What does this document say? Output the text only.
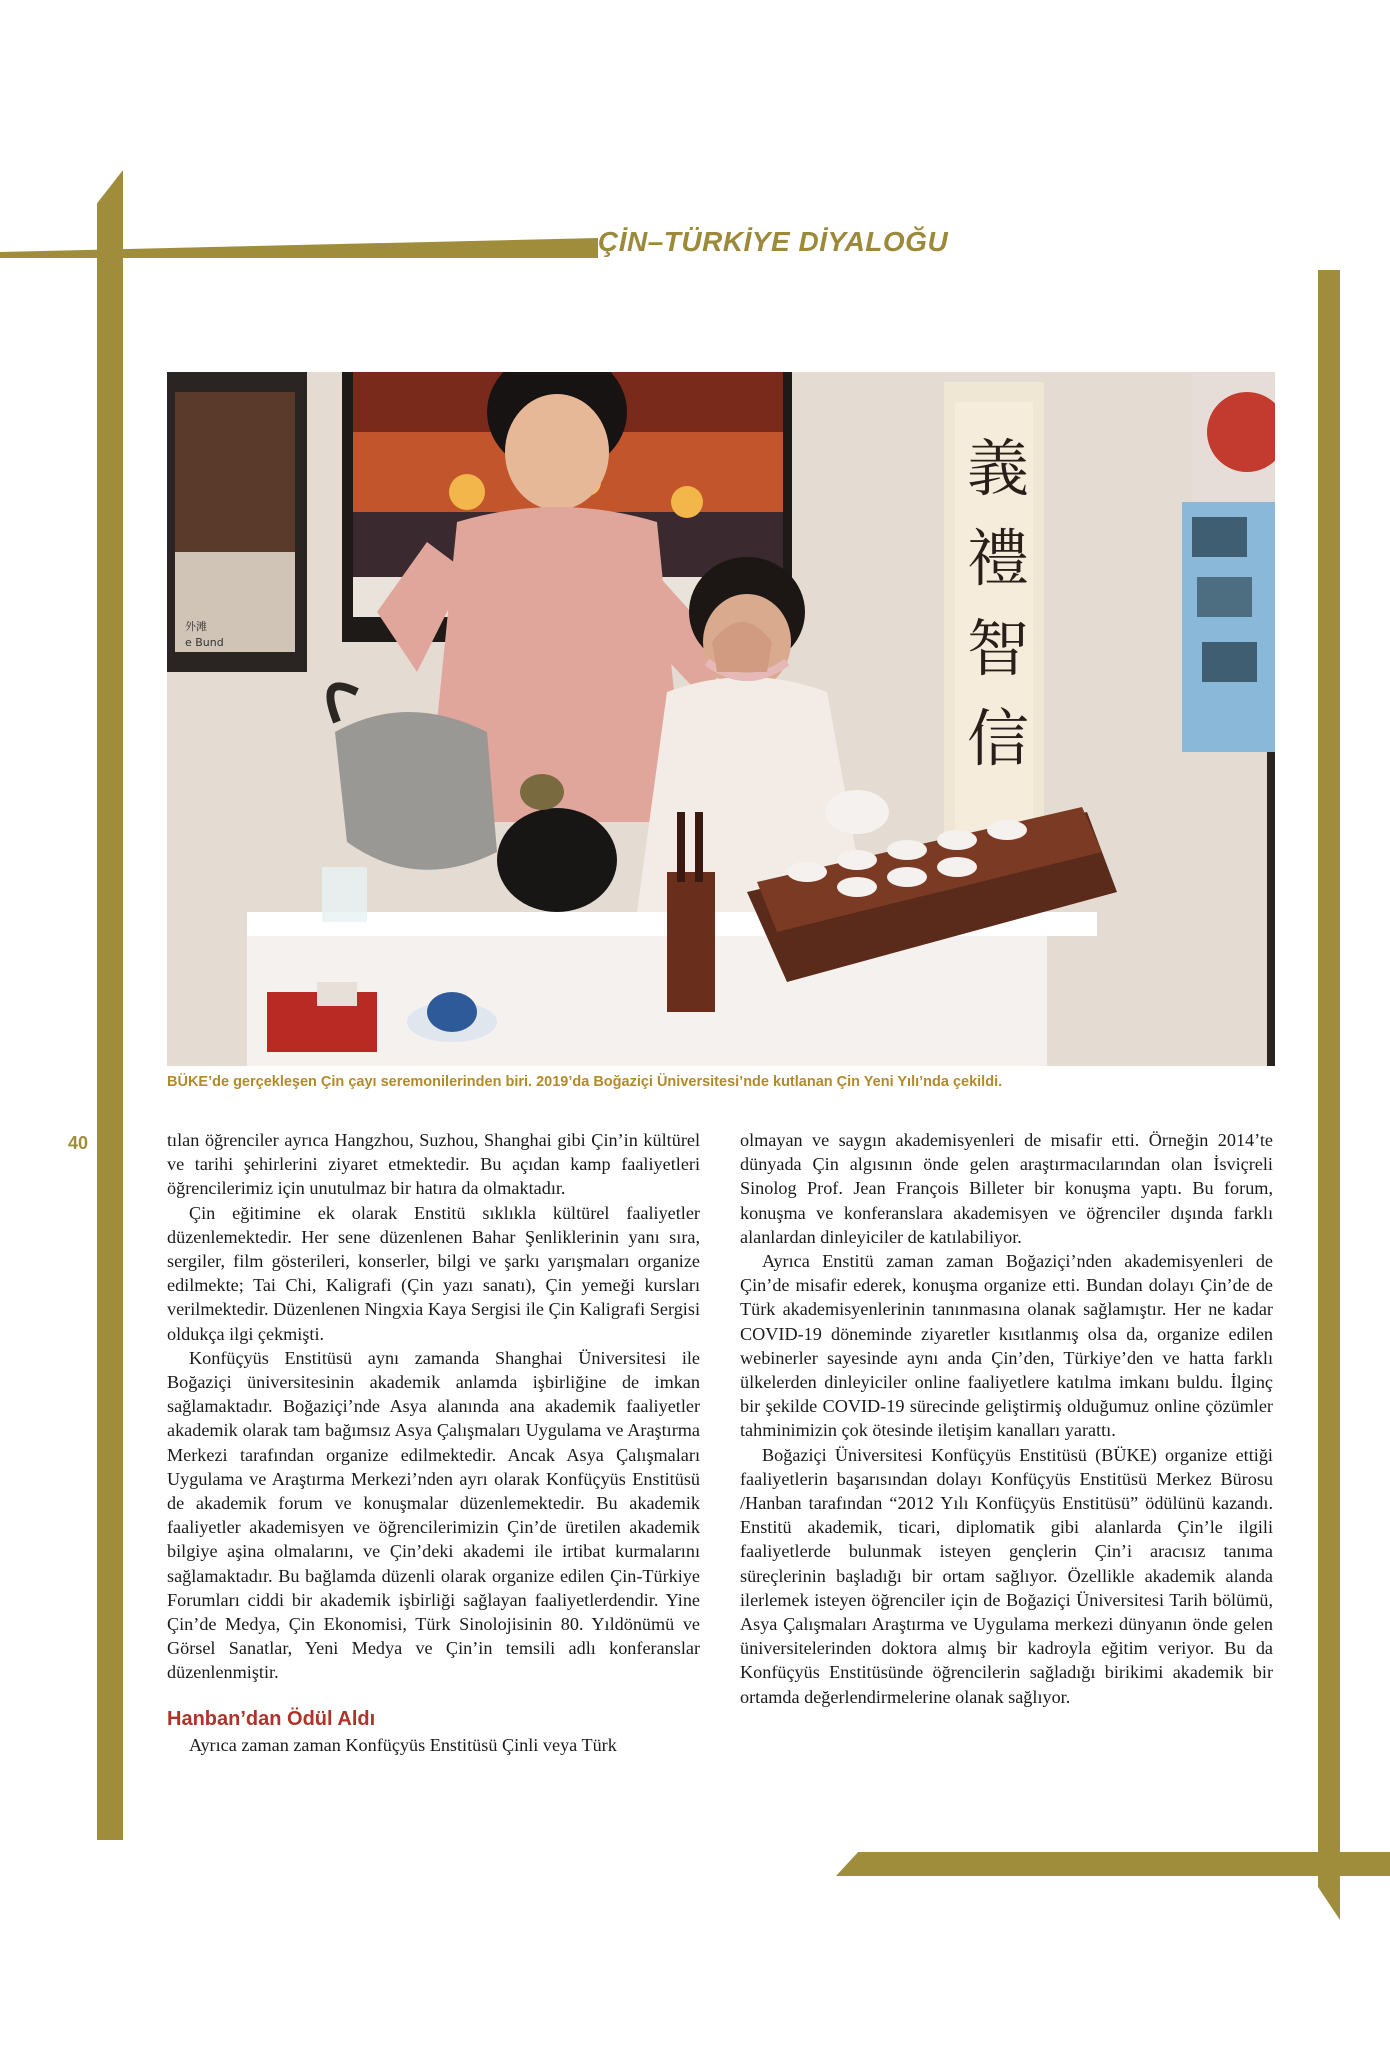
ÇİN–TÜRKİYE DİYALOĞU
外滩
e Bund
義
禮
智
信
BÜKE’de gerçekleşen Çin çayı seremonilerinden biri. 2019’da Boğaziçi Üniversitesi’nde kutlanan Çin Yeni Yılı’nda çekildi.
40	tılan öğrenciler ayrıca Hangzhou, Suzhou, Shanghai gibi Çin’in kültürel ve tarihi şehirlerini ziyaret etmektedir. Bu açıdan kamp faaliyetleri öğrencilerimiz için unutulmaz bir hatıra da olmaktadır.

Çin eğitimine ek olarak Enstitü sıklıkla kültürel faaliyetler düzenlemektedir. Her sene düzenlenen Bahar Şenliklerinin yanı sıra, sergiler, film gösterileri, konserler, bilgi ve şarkı yarışmaları organize edilmekte; Tai Chi, Kaligrafi (Çin yazı sanatı), Çin yemeği kursları verilmektedir. Düzenlenen Ningxia Kaya Sergisi ile Çin Kaligrafi Sergisi oldukça ilgi çekmişti.

Konfüçyüs Enstitüsü aynı zamanda Shanghai Üniversitesi ile Boğaziçi üniversitesinin akademik anlamda işbirliğine de imkan sağlamaktadır. Boğaziçi’nde Asya alanında ana akademik faaliyetler akademik olarak tam bağımsız Asya Çalışmaları Uygulama ve Araştırma Merkezi tarafından organize edilmektedir. Ancak Asya Çalışmaları Uygulama ve Araştırma Merkezi’nden ayrı olarak Konfüçyüs Enstitüsü de akademik forum ve konuşmalar düzenlemektedir. Bu akademik faaliyetler akademisyen ve öğrencilerimizin Çin’de üretilen akademik bilgiye aşina olmalarını, ve Çin’deki akademi ile irtibat kurmalarını sağlamaktadır. Bu bağlamda düzenli olarak organize edilen Çin-Türkiye Forumları ciddi bir akademik işbirliği sağlayan faaliyetlerdendir. Yine Çin’de Medya, Çin Ekonomisi, Türk Sinolojisinin 80. Yıldönümü ve Görsel Sanatlar, Yeni Medya ve Çin’in temsili adlı konferanslar düzenlenmiştir.

Hanban’dan Ödül Aldı

Ayrıca zaman zaman Konfüçyüs Enstitüsü Çinli veya Türk

olmayan ve saygın akademisyenleri de misafir etti. Örneğin 2014’te dünyada Çin algısının önde gelen araştırmacılarından olan İsviçreli Sinolog Prof. Jean François Billeter bir konuşma yaptı. Bu forum, konuşma ve konferanslara akademisyen ve öğrenciler dışında farklı alanlardan dinleyiciler de katılabiliyor.

Ayrıca Enstitü zaman zaman Boğaziçi’nden akademisyenleri de Çin’de misafir ederek, konuşma organize etti. Bundan dolayı Çin’de de Türk akademisyenlerinin tanınmasına olanak sağlamıştır. Her ne kadar COVID-19 döneminde ziyaretler kısıtlanmış olsa da, organize edilen webinerler sayesinde aynı anda Çin’den, Türkiye’den ve hatta farklı ülkelerden dinleyiciler online faaliyetlere katılma imkanı buldu. İlginç bir şekilde COVID-19 sürecinde geliştirmiş olduğumuz online çözümler tahminimizin çok ötesinde iletişim kanalları yarattı.

Boğaziçi Üniversitesi Konfüçyüs Enstitüsü (BÜKE) organize ettiği faaliyetlerin başarısından dolayı Konfüçyüs Enstitüsü Merkez Bürosu /Hanban tarafından “2012 Yılı Konfüçyüs Enstitüsü” ödülünü kazandı. Enstitü akademik, ticari, diplomatik gibi alanlarda Çin’le ilgili faaliyetlerde bulunmak isteyen gençlerin Çin’i aracısız tanıma süreçlerinin başladığı bir ortam sağlıyor. Özellikle akademik alanda ilerlemek isteyen öğrenciler için de Boğaziçi Üniversitesi Tarih bölümü, Asya Çalışmaları Araştırma ve Uygulama merkezi dünyanın önde gelen üniversitelerinden doktora almış bir kadroyla eğitim veriyor. Bu da Konfüçyüs Enstitüsünde öğrencilerin sağladığı birikimi akademik bir ortamda değerlendirmelerine olanak sağlıyor.
